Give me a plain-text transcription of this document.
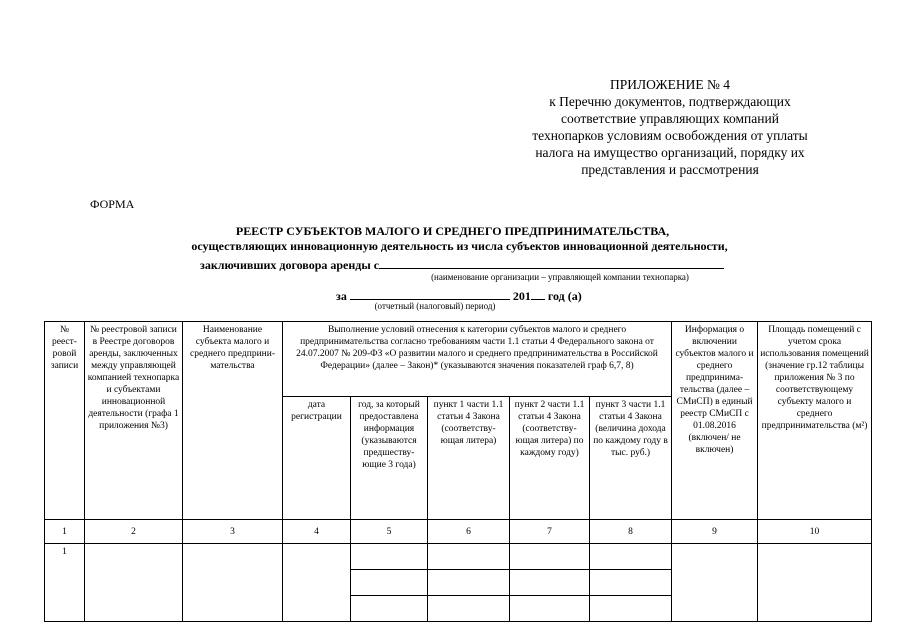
ПРИЛОЖЕНИЕ № 4
к Перечню документов, подтверждающих
соответствие управляющих компаний
технопарков условиям освобождения от уплаты
налога на имущество организаций, порядку их
представления и рассмотрения
ФОРМА
РЕЕСТР СУБЪЕКТОВ МАЛОГО И СРЕДНЕГО ПРЕДПРИНИМАТЕЛЬСТВА,
осуществляющих инновационную деятельность из числа субъектов инновационной деятельности,
заключивших договора аренды с
(наименование организации – управляющей компании технопарка)
за	201 год (а)
(отчетный (налоговый) период)
№ реест-ровой записи	№ реестровой записи в Реестре договоров аренды, заключенных между управляющей компанией технопарка и субъектами инновационной деятельности (графа 1 приложения №3)	Наименование субъекта малого и среднего предприни-мательства	Выполнение условий отнесения к категории субъектов малого и среднего предпринимательства согласно требованиям части 1.1 статьи 4 Федерального закона от 24.07.2007 № 209-ФЗ «О развитии малого и среднего предпринимательства в Российской Федерации» (далее – Закон)* (указываются значения показателей граф 6,7, 8)					Информация о включении субъектов малого и среднего предпринима-тельства (далее – СМиСП) в единый реестр СМиСП с 01.08.2016 (включен/ не включен)	Площадь помещений с учетом срока использования помещений (значение гр.12 таблицы приложения № 3 по соответствующему субъекту малого и среднего предпринимательства (м²)
			дата регистрации	год, за который предоставлена информация (указываются предшеству-ющие 3 года)	пункт 1 части 1.1 статьи 4 Закона (соответству-ющая литера)	пункт 2 части 1.1 статьи 4 Закона (соответству-ющая литера) по каждому году)	пункт 3 части 1.1 статьи 4 Закона (величина дохода по каждому году в тыс. руб.)		
1	2	3	4	5	6	7	8	9	10
1									
